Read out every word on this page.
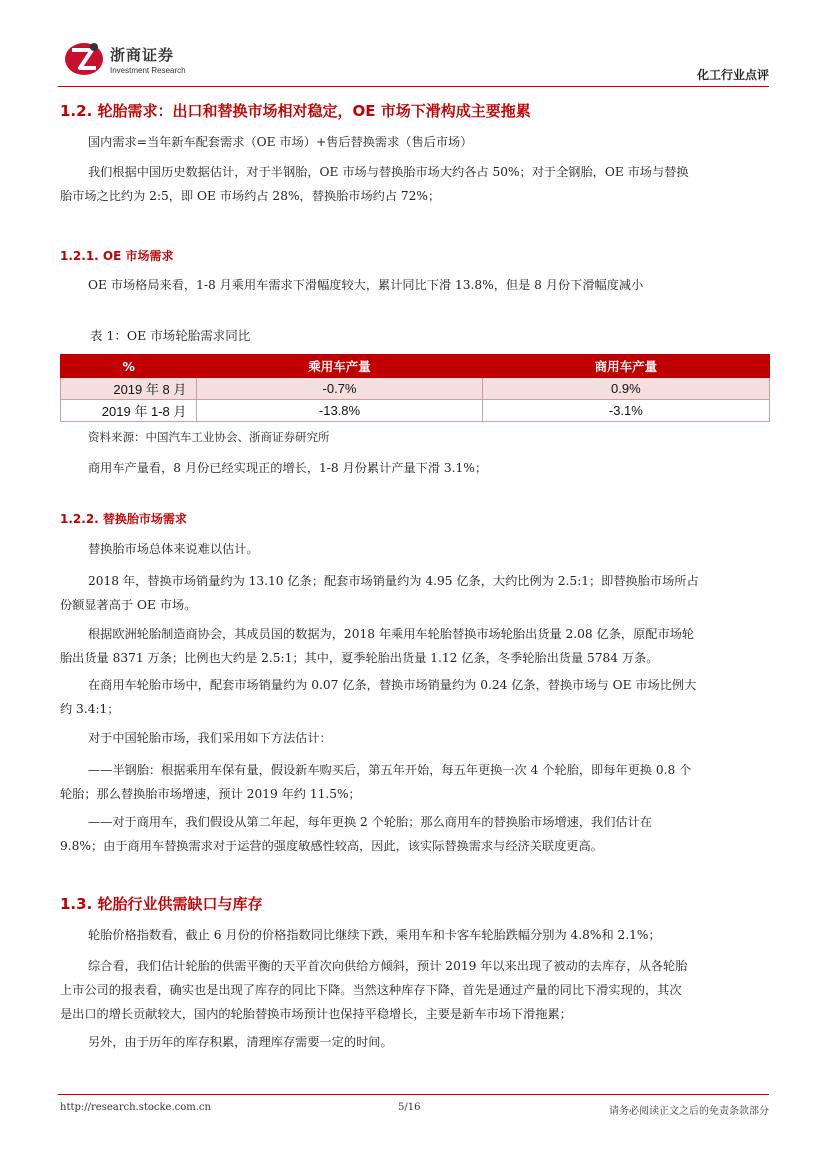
浙商证券
Investment Research	化工行业点评
1.2. 轮胎需求：出口和替换市场相对稳定，OE 市场下滑构成主要拖累
国内需求=当年新车配套需求（OE 市场）+售后替换需求（售后市场）
我们根据中国历史数据估计，对于半钢胎，OE 市场与替换胎市场大约各占 50%；对于全钢胎，OE 市场与替换
胎市场之比约为 2:5，即 OE 市场约占 28%，替换胎市场约占 72%；
1.2.1. OE 市场需求
OE 市场格局来看，1-8 月乘用车需求下滑幅度较大，累计同比下滑 13.8%，但是 8 月份下滑幅度减小
表 1：OE 市场轮胎需求同比
%	乘用车产量	商用车产量
2019 年 8 月	-0.7%	0.9%
2019 年 1-8 月	-13.8%	-3.1%
资料来源：中国汽车工业协会、浙商证券研究所
商用车产量看，8 月份已经实现正的增长，1-8 月份累计产量下滑 3.1%；
1.2.2. 替换胎市场需求
替换胎市场总体来说难以估计。
2018 年，替换市场销量约为 13.10 亿条；配套市场销量约为 4.95 亿条，大约比例为 2.5:1；即替换胎市场所占
份额显著高于 OE 市场。
根据欧洲轮胎制造商协会，其成员国的数据为，2018 年乘用车轮胎替换市场轮胎出货量 2.08 亿条，原配市场轮
胎出货量 8371 万条；比例也大约是 2.5:1；其中，夏季轮胎出货量 1.12 亿条，冬季轮胎出货量 5784 万条。
在商用车轮胎市场中，配套市场销量约为 0.07 亿条，替换市场销量约为 0.24 亿条，替换市场与 OE 市场比例大
约 3.4:1；
对于中国轮胎市场，我们采用如下方法估计：
——半钢胎：根据乘用车保有量，假设新车购买后，第五年开始，每五年更换一次 4 个轮胎，即每年更换 0.8 个
轮胎；那么替换胎市场增速，预计 2019 年约 11.5%；
——对于商用车，我们假设从第二年起，每年更换 2 个轮胎；那么商用车的替换胎市场增速，我们估计在
9.8%；由于商用车替换需求对于运营的强度敏感性较高，因此，该实际替换需求与经济关联度更高。
1.3. 轮胎行业供需缺口与库存
轮胎价格指数看，截止 6 月份的价格指数同比继续下跌，乘用车和卡客车轮胎跌幅分别为 4.8%和 2.1%；
综合看，我们估计轮胎的供需平衡的天平首次向供给方倾斜，预计 2019 年以来出现了被动的去库存，从各轮胎
上市公司的报表看，确实也是出现了库存的同比下降。当然这种库存下降，首先是通过产量的同比下滑实现的，其次
是出口的增长贡献较大，国内的轮胎替换市场预计也保持平稳增长，主要是新车市场下滑拖累；
另外，由于历年的库存积累，清理库存需要一定的时间。
http://research.stocke.com.cn	5/16	请务必阅读正文之后的免责条款部分
